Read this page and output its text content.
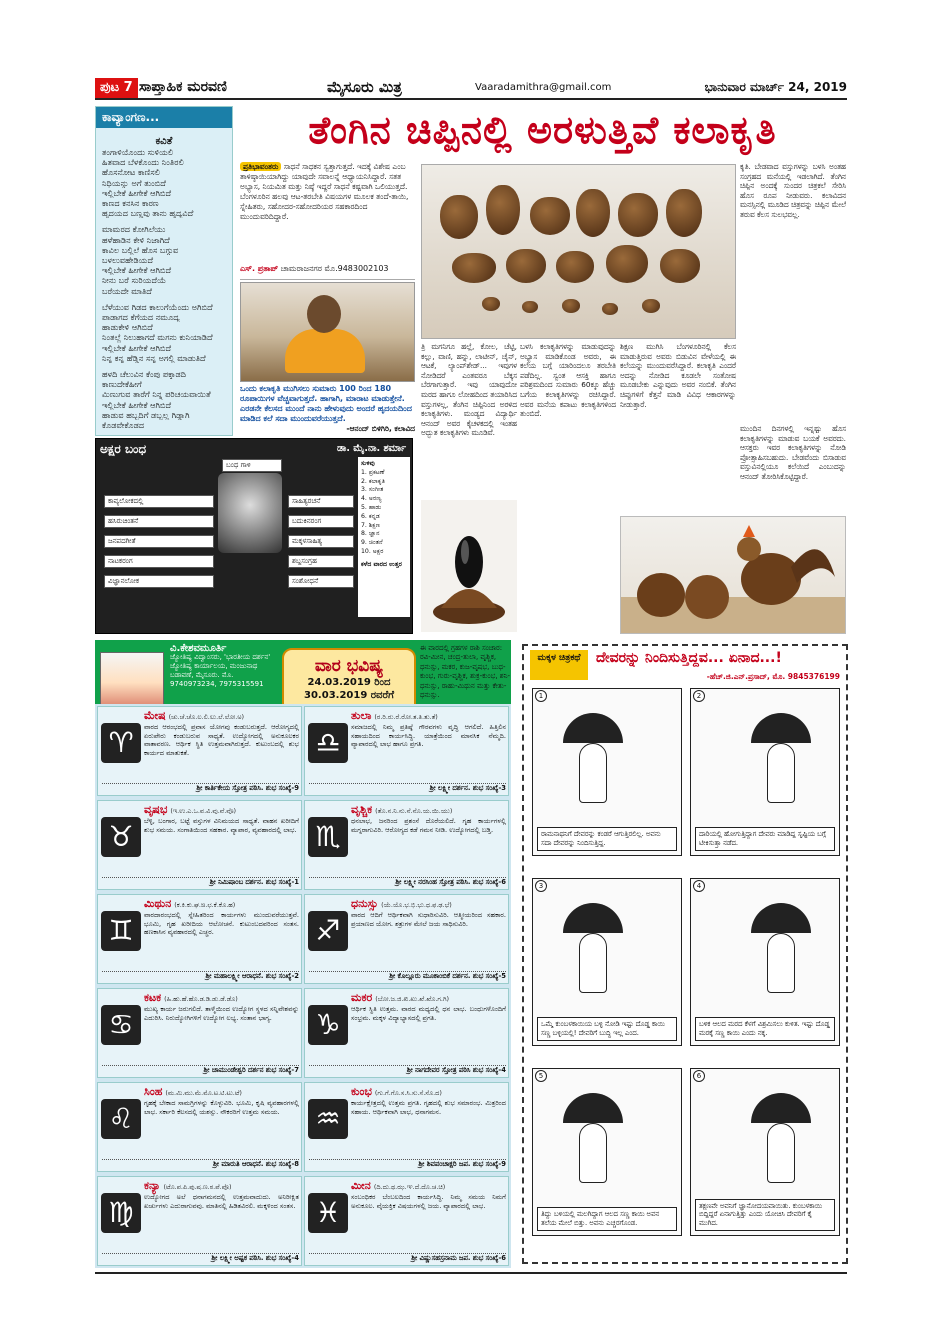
ಪುಟ 7 ಸಾಪ್ತಾಹಿಕ ಮರವಣಿ	ಮೈಸೂರು ಮಿತ್ರ	Vaaradamithra@gmail.com	ಭಾನುವಾರ ಮಾರ್ಚ್ 24, 2019
ಕಾವ್ಯಾಂಗಣ...
ಕವಿತೆ
ತಂಗಾಳಿಯೊಂದು ಸುಳಿಯಲಿ
ಹಿತವಾದ ಬೆಳಕೊಂದು ನಿಂತಿರಲಿ
ಹೊಸನೋಟ ಕಾಣಿಸಲಿ
ನಿಧಿಯನ್ನು ಅಗೆ ತುಂಬಿದೆ
ಇಲ್ಲಿಬೇಕೆ ಹೀಗೇಕೆ ಆಗಿಬಿದೆ
ಕಾಣದ ಕನಸಿನ ಕಾರಣ
ಹೃದಯದ ಬಣ್ಣವು ತಾನು ಹೃದ್ಯವಿದೆ
ಮಾಮರದ ಕೋಗಿಲೆಯು
ಹಳೆಹಾಡಿನ ಕೇಳಿ ನಿಜಾಗಿದೆ
ಕಾವಿಲ ಬಲ್ಲಿಲೆ ಹೊಸ ಬಗ್ಗುವ
ಬಳಲುವಹೇಡಿಯದೆ
ಇಲ್ಲಿಬೇಕೆ ಹೀಗೇಕೆ ಆಗಿಬಿದೆ
ನೀನು ಬರೆ ಸುರಿಯದೆಯೆ
ಬರೆಯದೇ ಮಾತಿದೆ
ಬೆಳೆಯುವ ಗಿಡದ ಕಾಲುಗೆಯೆಂದು ಅಗಿಬಿದೆ
ಪಾಡಾಗದ ಕೆಗೆಯದ ನಮೂದ್ಯ
ಹಾಡುಕೇಳಿ ಆಗಿಬಿದೆ
ನಿಂತಲ್ಲೆ ನಿಲುಹಾಗದೆ ಮಗನು ಕುನಿಯಾಡಿದೆ
ಇಲ್ಲಿಬೇಕೆ ಹೀಗೇಕೆ ಆಗಿಬಿದೆ
ನಿನ್ನ ಕನ್ನ ಹೆಡ್ಡಿನ ಸನ್ನ ಅಗಲ್ಲಿ ಮಾಡುತಿದೆ
ಹಳದಿ ಚೆಲುವಿನ ಕೆಂಪು ಪಕ್ಕಾಡದಿ
ಕಾಣುದೇಕೆಹೀಗೆ
ಮಿಣುಗುವ ತಾರೆಗೆ ನಿನ್ನ ಪರಿಚಯವಾಯಿತೆ
ಇಲ್ಲಿಬೇಕೆ ಹೀಗೇಕೆ ಆಗಿಬಿದೆ
ಹಾಡುವ ಹಬ್ಬದಿಗೆ ಡಬ್ಬಲ್ಲ ಗಿಡ್ಡಾಗಿ
ಕೊಡವೇಕೊಡದ
ತೆಂಗಿನ ಚಿಪ್ಪಿನಲ್ಲಿ ಅರಳುತ್ತಿವೆ ಕಲಾಕೃತಿ
ಪ್ರತಿಭಾವಂತರು ಸಾಧನೆ ಸಾಧಕನ ಸ್ವತ್ತಾಗುತ್ತದೆ. ಇದಕ್ಕೆ ವಿಶೇಷ ಎಂಬ ತಾಳಿಷ್ಠಾಯಿಯಾಗಿದ್ದು ಯಾವುದೇ ಸವಾಲನ್ನೆ ಆಧ್ಯಾಯನಿಸಿದ್ದಾರೆ. ಸತತ ಅಭ್ಯಾಸ, ನಿಯಮಿತ ಮತ್ತು ನಿಷ್ಠೆ ಇದ್ದರೆ ಸಾಧನೆ ಕಷ್ಟವಾಗಿ ಒಲಿಯುತ್ತದೆ. ಬೆಂಗಳೂರಿನ ಹಲವು ಆಟ-ತರಬೇತಿ ವಿಷಯಗಳ ಮೂಲಕ ತಂದೆ-ತಾಯಿ, ಸ್ನೇಹಿತರು, ಸಹೋದರ-ಸಹೋದರಿಯರ ಸಹಕಾರದಿಂದ ಮುಂದುವರಿದಿದ್ದಾರೆ.
ಎಸ್. ಪ್ರತಾಪ್ ಚಾಮರಾಜನಗರ ಮೊ.9483002103
ಒಂದು ಕಲಾಕೃತಿ ಮುಗಿಸಲು ಸುಮಾರು 100 ರಿಂದ 180 ರೂಪಾಯಿಗಳ ವೆಚ್ಚವಾಗುತ್ತದೆ. ಹಾಗಾಗಿ, ಮಾರಾಟ ಮಾಡುತ್ತೇನೆ. ಎರಡನೇ ಕೆಲಸದ ಮುಂದೆ ನಾನು ಹೇಳುವುದು ಅಂದರೆ ಹೃದಯದಿಂದ ಮಾಡಿದ ಕಲೆ ಸದಾ ಮುಂದುವರೆಯುತ್ತದೆ.
-ಆನಂದ್ ಬಿಳಿಗಿರಿ, ಕಲಾವಿದ
ತ್ರಿ ಮಗನಿಗೂ ಹಲ್ಲೆ, ಕೋಲ, ಚೆಟ್ಟಿ, ಕಲ್ಲು, ವಾಣಿ, ಹನ್ನು, ಲಾಟೀನ್, ಚೈನ್, ಆಟಕೆ, ಲ್ಯಾಂಪ್‌ಶೇಡ್... ಇವುಗಳ ನೋಡಿದರೆ ಎಂತವರೂ ಬೆಕ್ಕಸ ಬೆರಗಾಗುತ್ತಾರೆ. ಇವು ಯಾವುದೋ ಮರದ ಹಾಗೂ ಲೋಹದಿಂದ ತಯಾರಿಸಿದ ವಸ್ತುಗಳಲ್ಲ, ತೆಂಗಿನ ಚಿಪ್ಪಿನಿಂದ ಅರಳಿದ ಕಲಾಕೃತಿಗಳು. ಮಂಡ್ಯದ ವಿದ್ಯಾರ್ಥಿ ಆನಂದ್ ಅವರ ಕೈಚಳಕದಲ್ಲಿ ಇಂತಹ ಅದ್ಭುತ ಕಲಾಕೃತಿಗಳು ಮೂಡಿವೆ.
ಬಳಸಿ ಕಲಾಕೃತಿಗಳನ್ನು ಮಾಡುವುದನ್ನು ಅಭ್ಯಾಸ ಮಾಡಿಕೊಂಡ ಅವರು, ಈ ಕಲೆಯ ಬಗ್ಗೆ ಯಾರಿಂದಲೂ ತರಬೇತಿ ಪಡೆದಿಲ್ಲ. ಸ್ವಂತ ಆಸಕ್ತಿ ಹಾಗೂ ಪರಿಶ್ರಮದಿಂದ ಸುಮಾರು 60ಕ್ಕೂ ಹೆಚ್ಚು ಬಗೆಯ ಕಲಾಕೃತಿಗಳನ್ನು ರಚಿಸಿದ್ದಾರೆ. ಅವರ ಮನೆಯ ಕಪಾಟು ಕಲಾಕೃತಿಗಳಿಂದ ತುಂಬಿದೆ.
ಶಿಕ್ಷಣ ಮುಗಿಸಿ ಬೆಂಗಳೂರಿನಲ್ಲಿ ಕೆಲಸ ಮಾಡುತ್ತಿರುವ ಅವರು ಬಿಡುವಿನ ವೇಳೆಯಲ್ಲಿ ಈ ಕಲೆಯನ್ನು ಮುಂದುವರೆಸಿದ್ದಾರೆ. ಕಲಾಕೃತಿ ಎಂದರೆ ಅದನ್ನು ನೋಡಿದ ಕೂಡಲೇ ಸಂತೋಷ ಮೂಡಬೇಕು ಎನ್ನುವುದು ಅವರ ನಂಬಿಕೆ. ತೆಂಗಿನ ಚಿಪ್ಪುಗಳಿಗೆ ಕೆತ್ತನೆ ಮಾಡಿ ವಿವಿಧ ಆಕಾರಗಳನ್ನು ನೀಡುತ್ತಾರೆ.
ಕೃತಿ. ಬೇಡವಾದ ವಸ್ತುಗಳನ್ನು ಬಳಸಿ ಅಂತಹ ಸಂಗ್ರಹದ ಮನೆಯಲ್ಲಿ ಇಡಲಾಗಿದೆ. ತೆಂಗಿನ ಚಿಪ್ಪಿನ ಅಂದಕ್ಕೆ ಸುಂದರ ಚಿತ್ರಕಲೆ ಸೇರಿಸಿ ಹೊಸ ರೂಪ ನೀಡುವರು. ಕಲಾವಿದನ ಮನಸ್ಸಿನಲ್ಲಿ ಮೂಡಿದ ಚಿತ್ರವನ್ನು ಚಿಪ್ಪಿನ ಮೇಲೆ ತರುವ ಕೆಲಸ ಸುಲಭವಲ್ಲ.
ಮುಂದಿನ ದಿನಗಳಲ್ಲಿ ಇನ್ನಷ್ಟು ಹೊಸ ಕಲಾಕೃತಿಗಳನ್ನು ಮಾಡುವ ಬಯಕೆ ಅವರದು. ಆಸಕ್ತರು ಇವರ ಕಲಾಕೃತಿಗಳನ್ನು ನೋಡಿ ಪ್ರೋತ್ಸಾಹಿಸಬಹುದು. ಬೇಡವೆಂದು ಬಿಸಾಡುವ ವಸ್ತುವಿನಲ್ಲಿಯೂ ಕಲೆಯಿದೆ ಎಂಬುದನ್ನು ಆನಂದ್ ತೋರಿಸಿಕೊಟ್ಟಿದ್ದಾರೆ.
ಅಕ್ಷರ ಬಂಧ	ಡಾ. ಮೈ.ನಾ. ಶರ್ಮಾ
ಕಾವ್ಯಲೋಕದಲ್ಲಿ	ಸಾಹಿತ್ಯರಚನೆ
ಬಂಧ ಗಾಳಿ
ಹಸಿರುಚಿಂತನೆ
ಜನಪದಗೀತೆ
ಬದುಕಿನರಂಗ
ಮಕ್ಕಳಸಾಹಿತ್ಯ
ನಾಟಕರಂಗ	ಶಬ್ದಸಂಗ್ರಹ
ವಿಜ್ಞಾನಲೋಕ	ಸಂಶೋಧನೆ
ಸುಳಿವು
1. ಪ್ರಕಟಣೆ
2. ಕಲಾಕೃತಿ
3. ಸಂಗೀತ
4. ಅರಣ್ಯ
5. ಹಾಡು
6. ಕನ್ನಡ
7. ಶಿಕ್ಷಣ
8. ಜ್ಞಾನ
9. ಚಿಂತನೆ
10. ಅಕ್ಷರ
ಕಳೆದ ವಾರದ ಉತ್ತರ
ವಿ.ಕೇಶವಮೂರ್ತಿ
ಜ್ಯೋತಿಷ್ಯ ವಿದ್ವಾಂಸರು, 'ಭಾರತೀಯ ದರ್ಶನ' ಜ್ಯೋತಿಷ್ಯ ಕಾರ್ಯಾಲಯ, ಮಂಜುನಾಥ ಬಡಾವಣೆ, ಮೈಸೂರು. ಮೊ. 9740973234, 7975315591
ವಾರ ಭವಿಷ್ಯ
24.03.2019 ರಿಂದ
30.03.2019 ರವರೆಗೆ
ಈ ವಾರದಲ್ಲಿ ಗ್ರಹಗಳ ರಾಶಿ ಸಂಚಾರ: ರವಿ-ಮೀನ, ಚಂದ್ರ-ತುಲಾ, ವೃಶ್ಚಿಕ, ಧನುಸ್ಸು, ಮಕರ, ಕುಜ-ವೃಷಭ, ಬುಧ-ಕುಂಭ, ಗುರು-ವೃಶ್ಚಿಕ, ಶುಕ್ರ-ಕುಂಭ, ಶನಿ-ಧನುಸ್ಸು, ರಾಹು-ಮಿಥುನ ಮತ್ತು ಕೇತು-ಧನುಸ್ಸು.
♈
ಮೇಷ (ಚು.ಚೆ.ಚೊ.ಲ.ಲಿ.ಲು.ಲೆ.ಲೋ.ಅ)
ವಾರದ ಆರಂಭದಲ್ಲಿ ಪ್ರವಾಸ ಯೋಗವು ಕಂಡುಬರುತ್ತದೆ. ಆರೋಗ್ಯದಲ್ಲಿ ಏರುಪೇರು ಕಂಡುಬರುವ ಸಾಧ್ಯತೆ. ಉದ್ಯೋಗದಲ್ಲಿ ಅನುಕೂಲಕರ ವಾತಾವರಣ. ಆರ್ಥಿಕ ಸ್ಥಿತಿ ಉತ್ತಮವಾಗಿರುತ್ತದೆ. ಕುಟುಂಬದಲ್ಲಿ ಶುಭ ಕಾರ್ಯದ ಮಾತುಕತೆ.
ಶ್ರೀ ಕಾರ್ತಿಕೇಯ ಸ್ತೋತ್ರ ಪಠಿಸಿ. ಶುಭ ಸಂಖ್ಯೆ-9
♎
ತುಲಾ (ರ.ರಿ.ರು.ರೆ.ರೋ.ತ.ತಿ.ತು.ತೆ)
ಸಮಾಜದಲ್ಲಿ ನಿಮ್ಮ ಪ್ರತಿಷ್ಠೆ ಗೌರವಗಳು ವೃದ್ಧಿ ಆಗಲಿದೆ. ಹಿತ್ತಿಲಿನ ಸಹಾಯದಿಂದ ಕಾರ್ಯಸಿದ್ಧಿ. ಯಾತ್ರೆಯಿಂದ ಮಾನಸಿಕ ನೆಮ್ಮದಿ. ವ್ಯಾಪಾರದಲ್ಲಿ ಲಾಭ ಹಾಗೂ ಪ್ರಗತಿ.
ಶ್ರೀ ಲಕ್ಷ್ಮೀ ದರ್ಶನ. ಶುಭ ಸಂಖ್ಯೆ-3
♉
ವೃಷಭ (ಇ.ಉ.ಎ.ಒ.ವ.ವಿ.ವು.ವೆ.ವೊ)
ಬೆಳ್ಳಿ, ಬಂಗಾರ, ಬಟ್ಟೆ ವಸ್ತುಗಳ ವಿನಿಮಯದ ಸಾಧ್ಯತೆ. ವಾಹನ ಖರೀದಿಗೆ ಶುಭ ಸಮಯ. ಸಂಗಾತಿಯಿಂದ ಸಹಕಾರ. ವ್ಯಾಪಾರ, ವ್ಯವಹಾರದಲ್ಲಿ ಲಾಭ.
ಶ್ರೀ ನಿಮಿಷಾಂಬ ದರ್ಶನ. ಶುಭ ಸಂಖ್ಯೆ-1
♏
ವೃಶ್ಚಿಕ (ತೊ.ನ.ನಿ.ನು.ನೆ.ನೊ.ಯ.ಯಿ.ಯು)
ಧನಲಾಭ, ಜನರಿಂದ ಪ್ರಶಂಸೆ ದೊರೆಯಲಿದೆ. ಗೃಹ ಕಾರ್ಯಗಳಲ್ಲಿ ಮಗ್ನರಾಗುವಿರಿ. ಆರೋಗ್ಯದ ಕಡೆ ಗಮನ ನೀಡಿ. ಉದ್ಯೋಗದಲ್ಲಿ ಬಡ್ತಿ.
ಶ್ರೀ ಲಕ್ಷ್ಮೀ ನರಸಿಂಹ ಸ್ತೋತ್ರ ಪಠಿಸಿ. ಶುಭ ಸಂಖ್ಯೆ-6
♊
ಮಿಥುನ (ಕ.ಕಿ.ಕು.ಘ.ಙ.ಛ.ಕೆ.ಕೊ.ಹ)
ವಾರದಾರಂಭದಲ್ಲಿ ಸ್ನೇಹಿತರಿಂದ ಕಾರ್ಯಗಳು ಮುಂದುವರೆಯುತ್ತವೆ. ಭೂಮಿ, ಗೃಹ ಖರೀದಿಯ ಆಲೋಚನೆ. ಕುಟುಂಬದವರಿಂದ ಸಂತಸ. ಹಣಕಾಸಿನ ವ್ಯವಹಾರದಲ್ಲಿ ಎಚ್ಚರ.
ಶ್ರೀ ಮಹಾಲಕ್ಷ್ಮೀ ಆರಾಧನೆ. ಶುಭ ಸಂಖ್ಯೆ-2
♐
ಧನುಸ್ಸು (ಯೆ.ಯೊ.ಭ.ಭಿ.ಭು.ಧ.ಫ.ಢ.ಭೆ)
ವಾರದ ಆದಿಗೆ ಆರ್ಥಿಕವಾಗಿ ಸುಧಾರಿಸುವಿರಿ. ಆತ್ಮೀಯರಿಂದ ಸಹಕಾರ. ಪ್ರಯಾಣದ ಯೋಗ. ಶತ್ರುಗಳ ಮೇಲೆ ಜಯ ಸಾಧಿಸುವಿರಿ.
ಶ್ರೀ ಕೊಲ್ಲೂರು ಮೂಕಾಂಬಿಕೆ ದರ್ಶನ. ಶುಭ ಸಂಖ್ಯೆ-5
♋
ಕಟಕ (ಹಿ.ಹು.ಹೆ.ಹೊ.ಡ.ಡಿ.ಡು.ಡೆ.ಡೊ)
ಮುಖ್ಯ ಕಾರ್ಯ ಜರುಗಲಿದೆ. ತಾಳ್ಮೆಯಿಂದ ಉದ್ಯೋಗ ಸ್ಥಳದ ಸನ್ನಿವೇಶವನ್ನು ಎದುರಿಸಿ. ನಿರುದ್ಯೋಗಿಗಳಿಗೆ ಉದ್ಯೋಗ ಲಭ್ಯ. ಸಂತಾನ ಭಾಗ್ಯ.
ಶ್ರೀ ಚಾಮುಂಡೇಶ್ವರಿ ದರ್ಶನ ಶುಭ ಸಂಖ್ಯೆ-7
♑
ಮಕರ (ಬೋ.ಜ.ಜಿ.ಖಿ.ಖು.ಖೆ.ಖೊ.ಗ.ಗಿ)
ಆರ್ಥಿಕ ಸ್ಥಿತಿ ಉತ್ತಮ. ವಾರದ ಮಧ್ಯದಲ್ಲಿ ಧನ ಲಾಭ. ಬಂಧುಗಳೊಂದಿಗೆ ಸಂಭ್ರಮ. ಮಕ್ಕಳ ವಿದ್ಯಾಭ್ಯಾಸದಲ್ಲಿ ಪ್ರಗತಿ.
ಶ್ರೀ ನಾಗದೇವರ ಸ್ತೋತ್ರ ಪಠಿಸಿ ಶುಭ ಸಂಖ್ಯೆ-4
♌
ಸಿಂಹ (ಮ.ಮಿ.ಮು.ಮೆ.ಮೊ.ಟ.ಟಿ.ಟು.ಟೆ)
ಗೃಹಕ್ಕೆ ಬೇಕಾದ ಸಾಮಗ್ರಿಗಳನ್ನು ಕೊಳ್ಳುವಿರಿ. ಭೂಮಿ, ಕೃಷಿ ವ್ಯವಹಾರಗಳಲ್ಲಿ ಲಾಭ. ಸರ್ಕಾರಿ ಕೆಲಸದಲ್ಲಿ ಯಶಸ್ಸು. ನೌಕರರಿಗೆ ಉತ್ತಮ ಸಮಯ.
ಶ್ರೀ ಮಾರುತಿ ಆರಾಧನೆ. ಶುಭ ಸಂಖ್ಯೆ-8
♒
ಕುಂಭ (ಗು.ಗೆ.ಗೊ.ಸ.ಸಿ.ಸು.ಸೆ.ಸೊ.ದ)
ಕಾರ್ಯಕ್ಷೇತ್ರದಲ್ಲಿ ಉತ್ತಮ ಪ್ರಗತಿ. ಗೃಹದಲ್ಲಿ ಶುಭ ಸಮಾರಂಭ. ಮಿತ್ರರಿಂದ ಸಹಾಯ. ಆರ್ಥಿಕವಾಗಿ ಲಾಭ, ಧನಾಗಮನ.
ಶ್ರೀ ಶಿವಪಂಚಾಕ್ಷರಿ ಜಪ. ಶುಭ ಸಂಖ್ಯೆ-9
♍
ಕನ್ಯಾ (ಟೊ.ಪ.ಪಿ.ಪು.ಷ.ಣ.ಠ.ಪೆ.ಪೊ)
ಉದ್ಯೋಗದ ಅಲೆ ಧನಾಗಮನದಲ್ಲಿ ಉತ್ತಮವಾದುದು. ಅನಿರೀಕ್ಷಿತ ಖರ್ಚುಗಳು ಎದುರಾಗುವವು. ಮಾತಿನಲ್ಲಿ ಹಿಡಿತವಿರಲಿ. ಮಕ್ಕಳಿಂದ ಸಂತಸ.
ಶ್ರೀ ಲಕ್ಷ್ಮೀ ಅಷ್ಟಕ ಪಠಿಸಿ. ಶುಭ ಸಂಖ್ಯೆ-4
♓
ಮೀನ (ದಿ.ದು.ಥ.ಝ.ಞ.ದೆ.ದೊ.ಚ.ಚಿ)
ಸಂಬಂಧಿಕರ ಬೆಂಬಲದಿಂದ ಕಾರ್ಯಸಿದ್ಧಿ. ನಿಮ್ಮ ಸಮಯ ನಿಮಗೆ ಅನುಕೂಲ. ವೈಯಕ್ತಿಕ ವಿಷಯಗಳಲ್ಲಿ ಜಯ. ವ್ಯಾಪಾರದಲ್ಲಿ ಲಾಭ.
ಶ್ರೀ ವಿಷ್ಣುಸಹಸ್ರನಾಮ ಜಪ. ಶುಭ ಸಂಖ್ಯೆ-6
ಮಕ್ಕಳ ಚಿತ್ರಕಥೆ	ದೇವರನ್ನು ನಿಂದಿಸುತ್ತಿದ್ದವ... ಏನಾದ...!
-ಹೆಚ್.ಜಿ.ಎನ್.ಪ್ರಸಾದ್, ಮೊ. 9845376199
1
ರಾಮನಾಥನಿಗೆ ದೇವರನ್ನು ಕಂಡರೆ ಆಗುತ್ತಿರಲಿಲ್ಲ. ಅವನು ಸದಾ ದೇವರನ್ನು ನಿಂದಿಸುತ್ತಿದ್ದ.
2
ದಾರಿಯಲ್ಲಿ ಹೋಗುತ್ತಿದ್ದಾಗ ದೇವರು ಮಾಡಿದ್ದ ಸೃಷ್ಟಿಯ ಬಗ್ಗೆ ಟೀಕಿಸುತ್ತಾ ನಡೆದ.
3
ಒಮ್ಮೆ ಕುಂಬಳಕಾಯಿಯ ಬಳ್ಳಿ ನೋಡಿ ಇಷ್ಟು ದೊಡ್ಡ ಕಾಯಿ ಸಣ್ಣ ಬಳ್ಳಿಯಲ್ಲಿ! ದೇವರಿಗೆ ಬುದ್ಧಿ ಇಲ್ಲ ಎಂದ.
4
ಬಳಿಕ ಆಲದ ಮರದ ಕೆಳಗೆ ವಿಶ್ರಮಿಸಲು ಕುಳಿತ. ಇಷ್ಟು ದೊಡ್ಡ ಮರಕ್ಕೆ ಸಣ್ಣ ಕಾಯಿ ಎಂದು ನಕ್ಕ.
5
ತಿದ್ದು ಬಳಿಯಲ್ಲಿ ಮಲಗಿದ್ದಾಗ ಆಲದ ಸಣ್ಣ ಕಾಯಿ ಅವನ ತಲೆಯ ಮೇಲೆ ಬಿತ್ತು. ಅವನು ಎಚ್ಚರಗೊಂಡ.
6
ತಕ್ಷಣವೇ ಅವನಿಗೆ ಜ್ಞಾನೋದಯವಾಯಿತು. ಕುಂಬಳಕಾಯಿ ಬಿದ್ದಿದ್ದರೆ ಏನಾಗುತ್ತಿತ್ತು ಎಂದು ಯೋಚಿಸಿ ದೇವರಿಗೆ ಕೈ ಮುಗಿದ.
